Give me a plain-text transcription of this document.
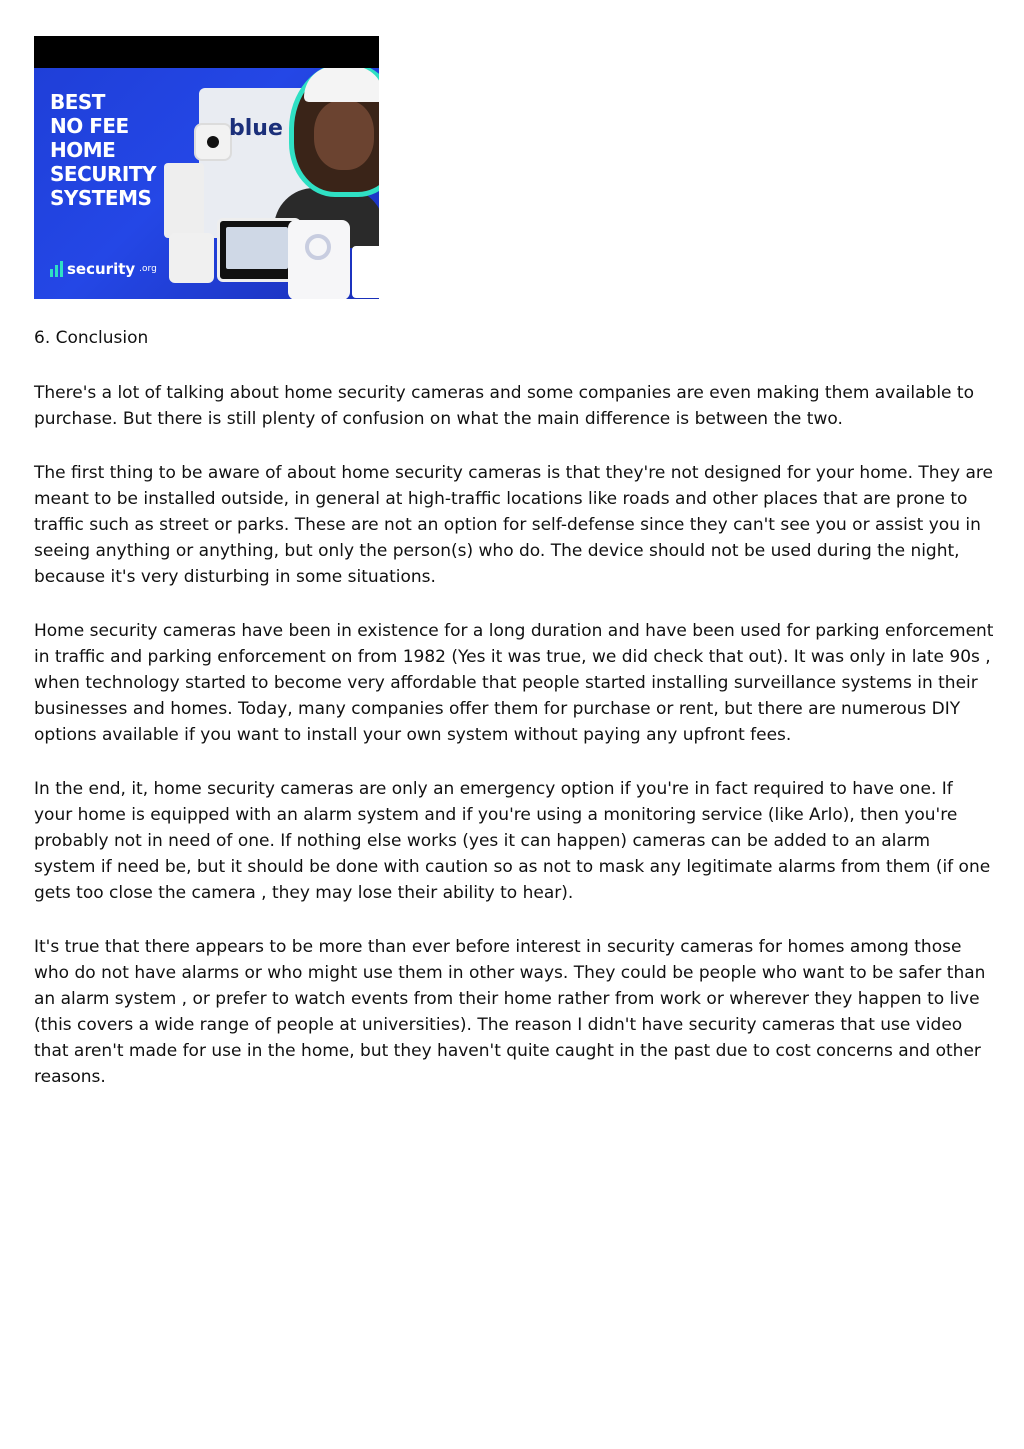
blue
BEST
NO FEE
HOME
SECURITY
SYSTEMS
security .org

6. Conclusion

There's a lot of talking about home security cameras and some companies are even making them available to purchase. But there is still plenty of confusion on what the main difference is between the two.

The first thing to be aware of about home security cameras is that they're not designed for your home. They are meant to be installed outside, in general at high-traffic locations like roads and other places that are prone to traffic such as street or parks. These are not an option for self-defense since they can't see you or assist you in seeing anything or anything, but only the person(s) who do. The device should not be used during the night, because it's very disturbing in some situations.

Home security cameras have been in existence for a long duration and have been used for parking enforcement in traffic and parking enforcement on from 1982 (Yes it was true, we did check that out). It was only in late 90s , when technology started to become very affordable that people started installing surveillance systems in their businesses and homes. Today, many companies offer them for purchase or rent, but there are numerous DIY options available if you want to install your own system without paying any upfront fees.

In the end, it, home security cameras are only an emergency option if you're in fact required to have one. If your home is equipped with an alarm system and if you're using a monitoring service (like Arlo), then you're probably not in need of one. If nothing else works (yes it can happen) cameras can be added to an alarm system if need be, but it should be done with caution so as not to mask any legitimate alarms from them (if one gets too close the camera , they may lose their ability to hear).

It's true that there appears to be more than ever before interest in security cameras for homes among those who do not have alarms or who might use them in other ways. They could be people who want to be safer than an alarm system , or prefer to watch events from their home rather from work or wherever they happen to live (this covers a wide range of people at universities). The reason I didn't have security cameras that use video that aren't made for use in the home, but they haven't quite caught in the past due to cost concerns and other reasons.
